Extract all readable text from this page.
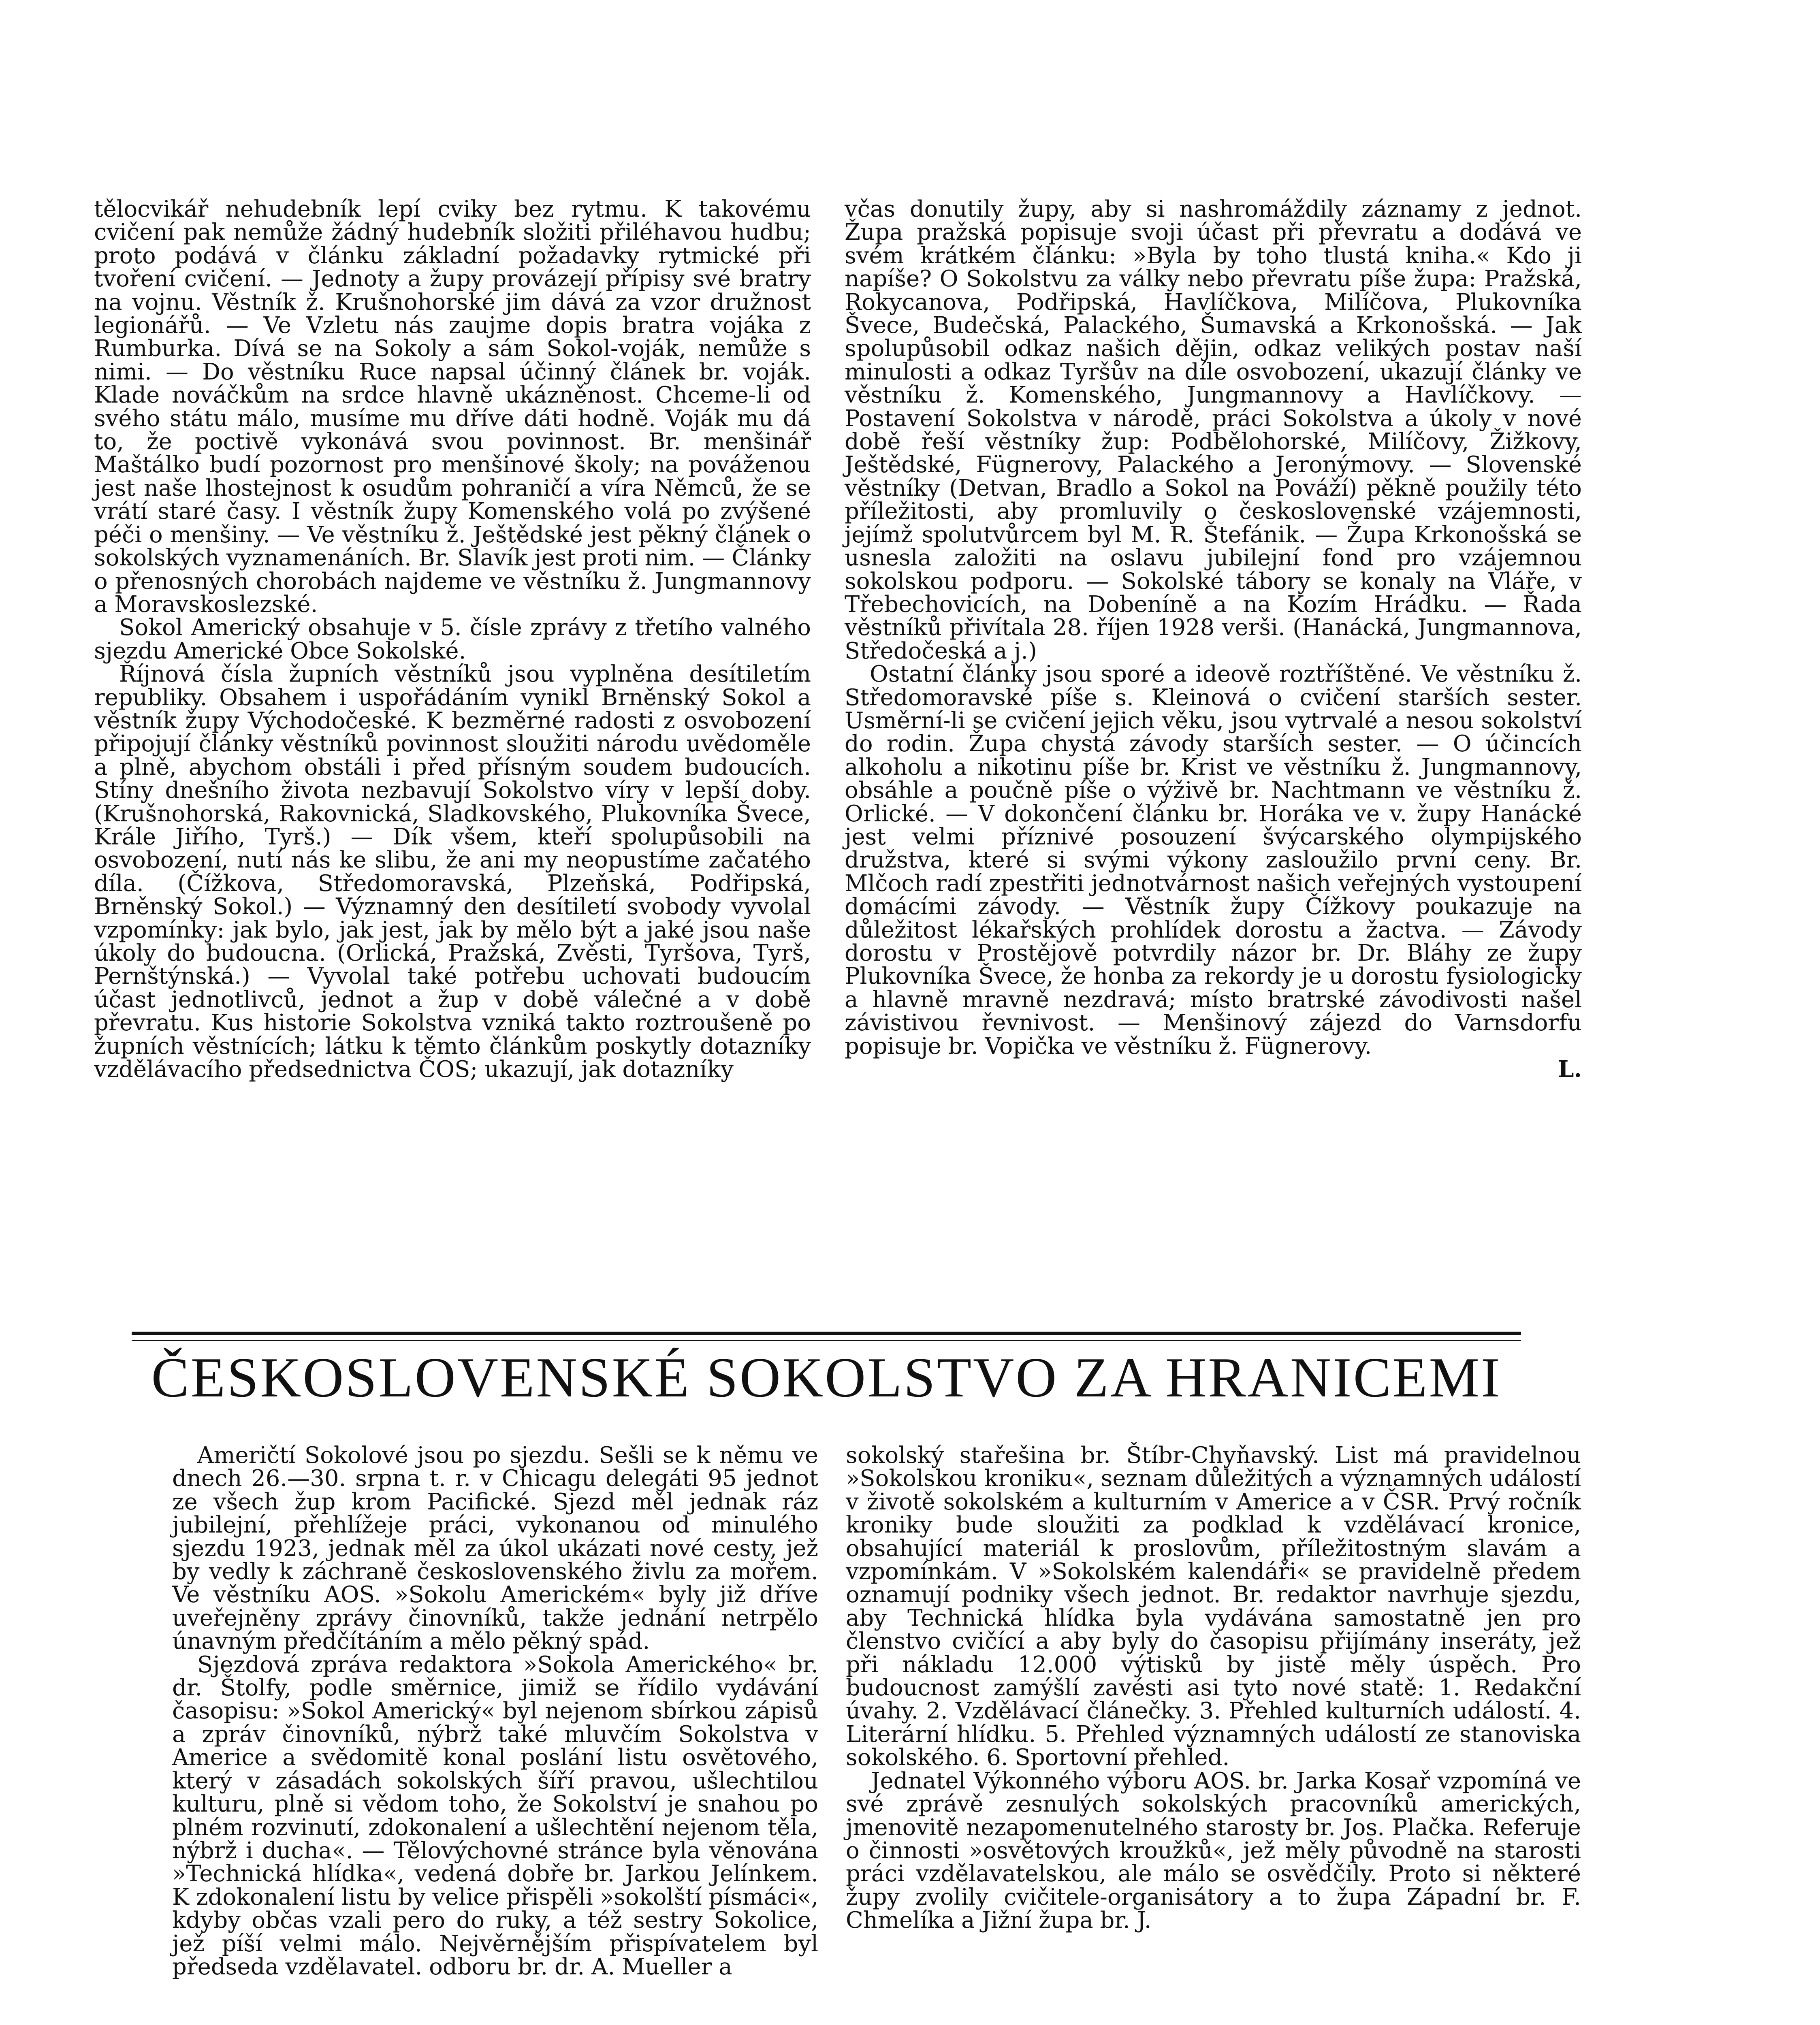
tělocvikář nehudebník lepí cviky bez rytmu. K takovému cvičení pak nemůže žádný hudebník složiti přiléhavou hudbu; proto podává v článku základní požadavky rytmické při tvoření cvičení. — Jednoty a župy provázejí přípisy své bratry na vojnu. Věstník ž. Krušnohorské jim dává za vzor družnost legionářů. — Ve Vzletu nás zaujme dopis bratra vojáka z Rumburka. Dívá se na Sokoly a sám Sokol-voják, nemůže s nimi. — Do věstníku Ruce napsal účinný článek br. voják. Klade nováčkům na srdce hlavně ukázněnost. Chceme-li od svého státu málo, musíme mu dříve dáti hodně. Voják mu dá to, že poctivě vykonává svou povinnost. Br. menšinář Maštálko budí pozornost pro menšinové školy; na pováženou jest naše lhostejnost k osudům pohraničí a víra Němců, že se vrátí staré časy. I věstník župy Komenského volá po zvýšené péči o menšiny. — Ve věstníku ž. Ještědské jest pěkný článek o sokolských vyznamenáních. Br. Slavík jest proti nim. — Články o přenosných chorobách najdeme ve věstníku ž. Jungmannovy a Moravskoslezské.

Sokol Americký obsahuje v 5. čísle zprávy z třetího valného sjezdu Americké Obce Sokolské.

Říjnová čísla župních věstníků jsou vyplněna desítiletím republiky. Obsahem i uspořádáním vynikl Brněnský Sokol a věstník župy Východočeské. K bezměrné radosti z osvobození připojují články věstníků povinnost sloužiti národu uvědoměle a plně, abychom obstáli i před přísným soudem budoucích. Stíny dnešního života nezbavují Sokolstvo víry v lepší doby. (Krušnohorská, Rakovnická, Sladkovského, Plukovníka Švece, Krále Jiřího, Tyrš.) — Dík všem, kteří spolupůsobili na osvobození, nutí nás ke slibu, že ani my neopustíme začatého díla. (Čížkova, Středomoravská, Plzeňská, Podřipská, Brněnský Sokol.) — Významný den desítiletí svobody vyvolal vzpomínky: jak bylo, jak jest, jak by mělo být a jaké jsou naše úkoly do budoucna. (Orlická, Pražská, Zvěsti, Tyršova, Tyrš, Pernštýnská.) — Vyvolal také potřebu uchovati budoucím účast jednotlivců, jednot a žup v době válečné a v době převratu. Kus historie Sokolstva vzniká takto roztroušeně po župních věstnících; látku k těmto článkům poskytly dotazníky vzdělávacího předsednictva ČOS; ukazují, jak dotazníky

včas donutily župy, aby si nashromáždily záznamy z jednot. Župa pražská popisuje svoji účast při převratu a dodává ve svém krátkém článku: »Byla by toho tlustá kniha.« Kdo ji napíše? O Sokolstvu za války nebo převratu píše župa: Pražská, Rokycanova, Podřipská, Havlíčkova, Milíčova, Plukovníka Švece, Budečská, Palackého, Šumavská a Krkonošská. — Jak spolupůsobil odkaz našich dějin, odkaz velikých postav naší minulosti a odkaz Tyršův na díle osvobození, ukazují články ve věstníku ž. Komenského, Jungmannovy a Havlíčkovy. — Postavení Sokolstva v národě, práci Sokolstva a úkoly v nové době řeší věstníky žup: Podbělohorské, Milíčovy, Žižkovy, Ještědské, Fügnerovy, Palackého a Jeronýmovy. — Slovenské věstníky (Detvan, Bradlo a Sokol na Pováží) pěkně použily této příležitosti, aby promluvily o československé vzájemnosti, jejímž spolutvůrcem byl M. R. Štefánik. — Župa Krkonošská se usnesla založiti na oslavu jubilejní fond pro vzájemnou sokolskou podporu. — Sokolské tábory se konaly na Vláře, v Třebechovicích, na Dobeníně a na Kozím Hrádku. — Řada věstníků přivítala 28. říjen 1928 verši. (Hanácká, Jungmannova, Středočeská a j.)

Ostatní články jsou sporé a ideově roztříštěné. Ve věstníku ž. Středomoravské píše s. Kleinová o cvičení starších sester. Usměrní-li se cvičení jejich věku, jsou vytrvalé a nesou sokolství do rodin. Župa chystá závody starších sester. — O účincích alkoholu a nikotinu píše br. Krist ve věstníku ž. Jungmannovy, obsáhle a poučně píše o výživě br. Nachtmann ve věstníku ž. Orlické. — V dokončení článku br. Horáka ve v. župy Hanácké jest velmi příznivé posouzení švýcarského olympijského družstva, které si svými výkony zasloužilo první ceny. Br. Mlčoch radí zpestřiti jednotvárnost našich veřejných vystoupení domácími závody. — Věstník župy Čížkovy poukazuje na důležitost lékařských prohlídek dorostu a žactva. — Závody dorostu v Prostějově potvrdily názor br. Dr. Bláhy ze župy Plukovníka Švece, že honba za rekordy je u dorostu fysiologicky a hlavně mravně nezdravá; místo bratrské závodivosti našel závistivou řevnivost. — Menšinový zájezd do Varnsdorfu popisuje br. Vopička ve věstníku ž. Fügnerovy.

L.
ČESKOSLOVENSKÉ SOKOLSTVO ZA HRANICEMI

Američtí Sokolové jsou po sjezdu. Sešli se k němu ve dnech 26.—30. srpna t. r. v Chicagu delegáti 95 jednot ze všech žup krom Pacifické. Sjezd měl jednak ráz jubilejní, přehlížeje práci, vykonanou od minulého sjezdu 1923, jednak měl za úkol ukázati nové cesty, jež by vedly k záchraně československého živlu za mořem. Ve věstníku AOS. »Sokolu Americkém« byly již dříve uveřejněny zprávy činovníků, takže jednání netrpělo únavným předčítáním a mělo pěkný spád.

Sjezdová zpráva redaktora »Sokola Amerického« br. dr. Štolfy, podle směrnice, jimiž se řídilo vydávání časopisu: »Sokol Americký« byl nejenom sbírkou zápisů a zpráv činovníků, nýbrž také mluvčím Sokolstva v Americe a svědomitě konal poslání listu osvětového, který v zásadách sokolských šíří pravou, ušlechtilou kulturu, plně si vědom toho, že Sokolství je snahou po plném rozvinutí, zdokonalení a ušlechtění nejenom těla, nýbrž i ducha«. — Tělovýchovné stránce byla věnována »Technická hlídka«, vedená dobře br. Jarkou Jelínkem. K zdokonalení listu by velice přispěli »sokolští písmáci«, kdyby občas vzali pero do ruky, a též sestry Sokolice, jež píší velmi málo. Nejvěrnějším přispívatelem byl předseda vzdělavatel. odboru br. dr. A. Mueller a

sokolský stařešina br. Štíbr-Chyňavský. List má pravidelnou »Sokolskou kroniku«, seznam důležitých a významných událostí v životě sokolském a kulturním v Americe a v ČSR. Prvý ročník kroniky bude sloužiti za podklad k vzdělávací kronice, obsahující materiál k proslovům, příležitostným slavám a vzpomínkám. V »Sokolském kalendáři« se pravidelně předem oznamují podniky všech jednot. Br. redaktor navrhuje sjezdu, aby Technická hlídka byla vydávána samostatně jen pro členstvo cvičící a aby byly do časopisu přijímány inseráty, jež při nákladu 12.000 výtisků by jistě měly úspěch. Pro budoucnost zamýšlí zavésti asi tyto nové statě: 1. Redakční úvahy. 2. Vzdělávací článečky. 3. Přehled kulturních událostí. 4. Literární hlídku. 5. Přehled významných událostí ze stanoviska sokolského. 6. Sportovní přehled.

Jednatel Výkonného výboru AOS. br. Jarka Kosař vzpomíná ve své zprávě zesnulých sokolských pracovníků amerických, jmenovitě nezapomenutelného starosty br. Jos. Plačka. Referuje o činnosti »osvětových kroužků«, jež měly původně na starosti práci vzdělavatelskou, ale málo se osvědčily. Proto si některé župy zvolily cvičitele-organisátory a to župa Západní br. F. Chmelíka a Jižní župa br. J.
